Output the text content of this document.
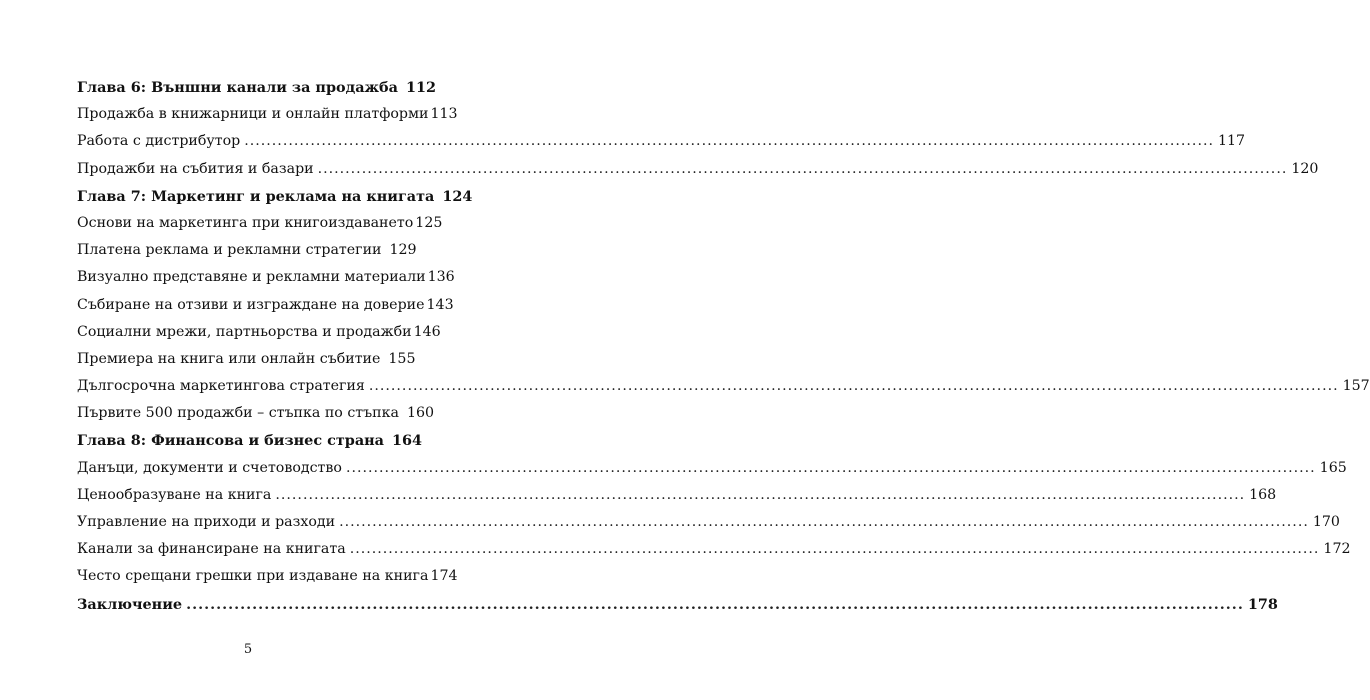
Глава 6: Външни канали за продажба 112
Продажба в книжарници и онлайн платформи 113
Работа с дистрибутор .....	117
Продажби на събития и базари .....	120
Глава 7: Маркетинг и реклама на книгата 124
Основи на маркетинга при книгоиздаването 125
Платена реклама и рекламни стратегии 129
Визуално представяне и рекламни материали 136
Събиране на отзиви и изграждане на доверие 143
Социални мрежи, партньорства и продажби 146
Премиера на книга или онлайн събитие 155
Дългосрочна маркетингова стратегия .....	157
Първите 500 продажби – стъпка по стъпка 160
Глава 8: Финансова и бизнес страна 164
Данъци, документи и счетоводство .....	165
Ценообразуване на книга .....	168
Управление на приходи и разходи .....	170
Канали за финансиране на книгата .....	172
Често срещани грешки при издаване на книга 174
Заключение .....	178
5
